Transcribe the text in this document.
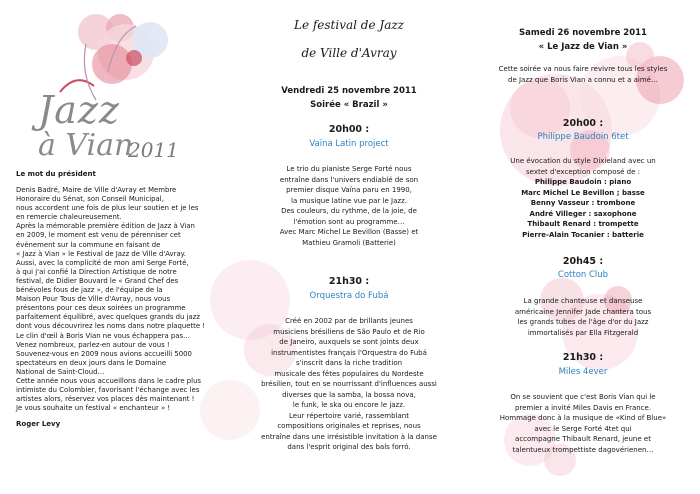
Jazz
à Vian
2011
Le mot du président
Denis Badré, Maire de Ville d'Avray et Membre
Honoraire du Sénat, son Conseil Municipal,
nous accordent une fois de plus leur soutien et je les
en remercie chaleureusement.
Après la mémorable première édition de Jazz à Vian
en 2009, le moment est venu de pérenniser cet
évènement sur la commune en faisant de
« Jazz à Vian » le Festival de Jazz de Ville d'Avray.
Aussi, avec la complicité de mon ami Serge Forté,
à qui j'ai confié la Direction Artistique de notre
festival, de Didier Bouvard le « Grand Chef des
bénévoles fous de jazz », de l'équipe de la
Maison Pour Tous de Ville d'Avray, nous vous
présentons pour ces deux soirées un programme
parfaitement équilibré, avec quelques grands du jazz
dont vous découvrirez les noms dans notre plaquette !
Le clin d'œil à Boris Vian ne vous échappera pas…
Venez nombreux, parlez-en autour de vous !
Souvenez-vous en 2009 nous avions accueilli 5000
spectateurs en deux jours dans le Domaine
National de Saint-Cloud…
Cette année nous vous accueillons dans le cadre plus
intimiste du Colombier, favorisant l'échange avec les
artistes alors, réservez vos places dès maintenant !
Je vous souhaite un festival « enchanteur » !
Roger Levy
Le festival de Jazz
de Ville d'Avray
Vendredi 25 novembre 2011
Soirée « Brazil »
20h00 :
Vaïna Latin project
Le trio du pianiste Serge Forté nous
entraîne dans l'univers endiablé de son
premier disque Vaïna paru en 1990,
la musique latine vue par le Jazz.
Des couleurs, du rythme, de la joie, de
l'émotion sont au programme…
Avec Marc Michel Le Bevillon (Basse) et
Mathieu Gramoli (Batterie)
21h30 :
Orquestra do Fubá
Créé en 2002 par de brillants jeunes
musiciens brésiliens de São Paulo et de Rio
de Janeiro, auxquels se sont joints deux
instrumentistes français l'Orquestra do Fubá
s'inscrit dans la riche tradition
musicale des fêtes populaires du Nordeste
brésilien, tout en se nourrissant d'influences aussi
diverses que la samba, la bossa nova,
le funk, le ska ou encore le jazz.
Leur répertoire varié, rassemblant
compositions originales et reprises, nous
entraîne dans une irrésistible invitation à la danse
dans l'esprit original des bals forró.
Samedi 26 novembre 2011
« Le Jazz de Vian »
Cette soirée va nous faire revivre tous les styles
de Jazz que Boris Vian a connu et a aimé…
20h00 :
Philippe Baudoin 6tet
Une évocation du style Dixieland avec un
sextet d'exception composé de :
Philippe Baudoin : piano
Marc Michel Le Bevillon ; basse
Benny Vasseur : trombone
André Villeger : saxophone
Thibault Renard : trompette
Pierre-Alain Tocanier : batterie
20h45 :
Cotton Club
La grande chanteuse et danseuse
américaine Jennifer Jade chantera tous
les grands tubes de l'âge d'or du Jazz
immortalisés par Ella Fitzgerald
21h30 :
Miles 4ever
On se souvient que c'est Boris Vian qui le
premier a invité Miles Davis en France.
Hommage donc à la musique de «Kind of Blue»
avec le Serge Forté 4tet qui
accompagne Thibault Renard, jeune et
talentueux trompettiste dagovérienen…
